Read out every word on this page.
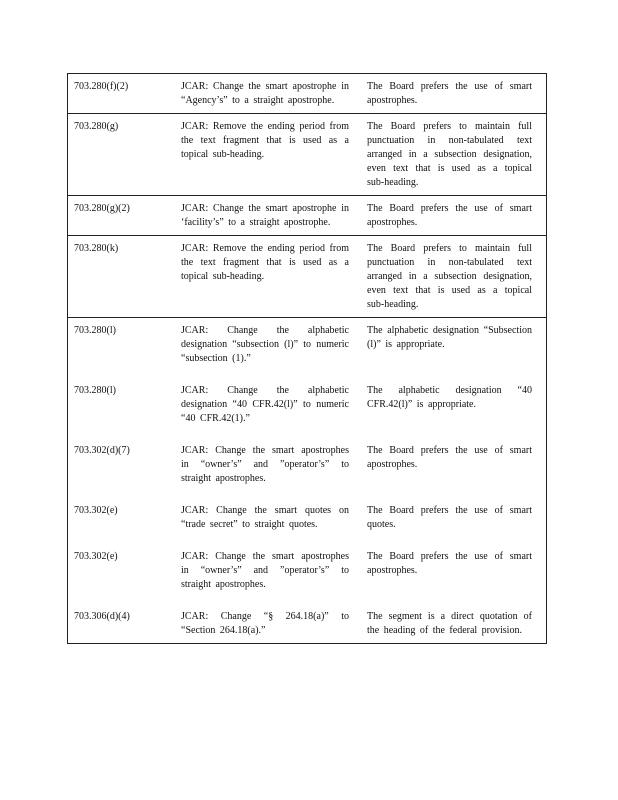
703.280(f)(2)	JCAR: Change the smart apostrophe in “Agency’s” to a straight apostrophe.	The Board prefers the use of smart apostrophes.
703.280(g)	JCAR: Remove the ending period from the text fragment that is used as a topical sub-heading.	The Board prefers to maintain full punctuation in non-tabulated text arranged in a subsection designation, even text that is used as a topical sub-heading.
703.280(g)(2)	JCAR: Change the smart apostrophe in ‘facility’s” to a straight apostrophe.	The Board prefers the use of smart apostrophes.
703.280(k)	JCAR: Remove the ending period from the text fragment that is used as a topical sub-heading.	The Board prefers to maintain full punctuation in non-tabulated text arranged in a subsection designation, even text that is used as a topical sub-heading.
703.280(l)	JCAR: Change the alphabetic designation “subsection (l)” to numeric “subsection (1).”	The alphabetic designation “Subsection (l)” is appropriate.
703.280(l)	JCAR: Change the alphabetic designation “40 CFR.42(l)” to numeric “40 CFR.42(1).”	The alphabetic designation “40 CFR.42(l)” is appropriate.
703.302(d)(7)	JCAR: Change the smart apostrophes in “owner’s” and ”operator’s” to straight apostrophes.	The Board prefers the use of smart apostrophes.
703.302(e)	JCAR: Change the smart quotes on “trade secret” to straight quotes.	The Board prefers the use of smart quotes.
703.302(e)	JCAR: Change the smart apostrophes in “owner’s” and ”operator’s” to straight apostrophes.	The Board prefers the use of smart apostrophes.
703.306(d)(4)	JCAR: Change “§ 264.18(a)” to “Section 264.18(a).”	The segment is a direct quotation of the heading of the federal provision.
